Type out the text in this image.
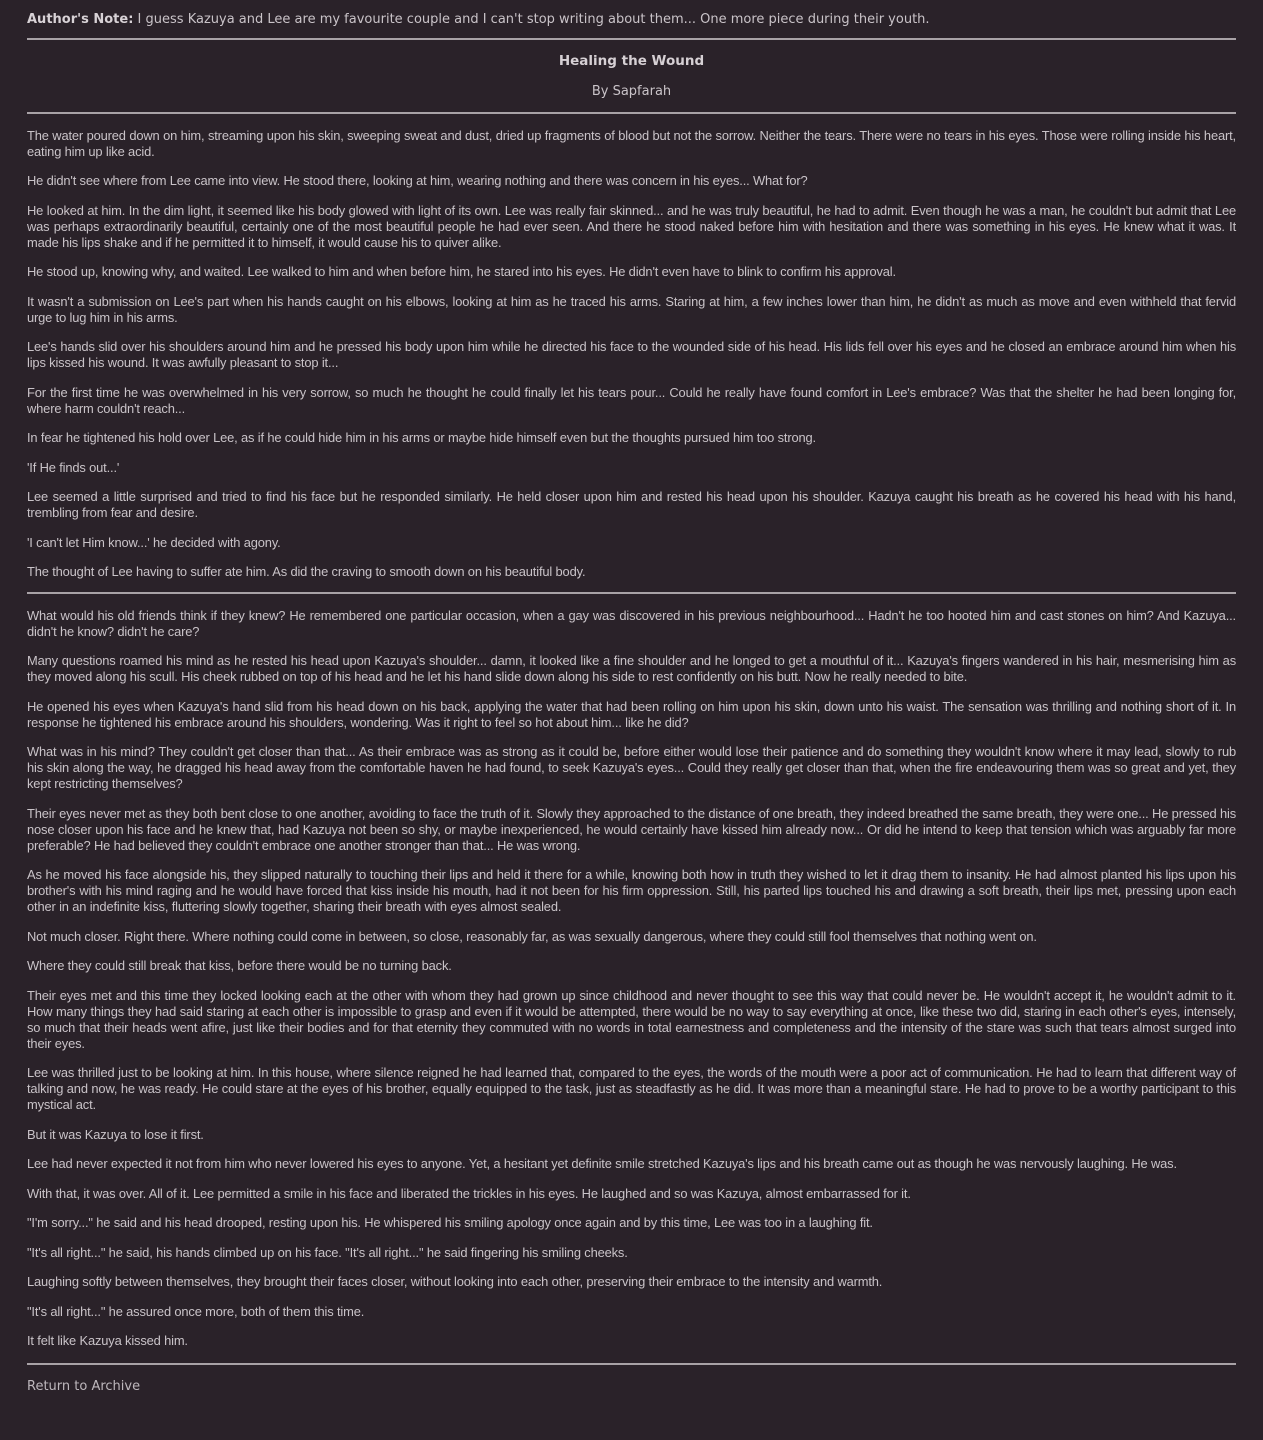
Author's Note: I guess Kazuya and Lee are my favourite couple and I can't stop writing about them... One more piece during their youth.
Healing the Wound
By Sapfarah

The water poured down on him, streaming upon his skin, sweeping sweat and dust, dried up fragments of blood but not the sorrow. Neither the tears. There were no tears in his eyes. Those were rolling inside his heart, eating him up like acid.

He didn't see where from Lee came into view. He stood there, looking at him, wearing nothing and there was concern in his eyes... What for?

He looked at him. In the dim light, it seemed like his body glowed with light of its own. Lee was really fair skinned... and he was truly beautiful, he had to admit. Even though he was a man, he couldn't but admit that Lee was perhaps extraordinarily beautiful, certainly one of the most beautiful people he had ever seen. And there he stood naked before him with hesitation and there was something in his eyes. He knew what it was. It made his lips shake and if he permitted it to himself, it would cause his to quiver alike.

He stood up, knowing why, and waited. Lee walked to him and when before him, he stared into his eyes. He didn't even have to blink to confirm his approval.

It wasn't a submission on Lee's part when his hands caught on his elbows, looking at him as he traced his arms. Staring at him, a few inches lower than him, he didn't as much as move and even withheld that fervid urge to lug him in his arms.

Lee's hands slid over his shoulders around him and he pressed his body upon him while he directed his face to the wounded side of his head. His lids fell over his eyes and he closed an embrace around him when his lips kissed his wound. It was awfully pleasant to stop it...

For the first time he was overwhelmed in his very sorrow, so much he thought he could finally let his tears pour... Could he really have found comfort in Lee's embrace? Was that the shelter he had been longing for, where harm couldn't reach...

In fear he tightened his hold over Lee, as if he could hide him in his arms or maybe hide himself even but the thoughts pursued him too strong.

'If He finds out...'

Lee seemed a little surprised and tried to find his face but he responded similarly. He held closer upon him and rested his head upon his shoulder. Kazuya caught his breath as he covered his head with his hand, trembling from fear and desire.

'I can't let Him know...' he decided with agony.

The thought of Lee having to suffer ate him. As did the craving to smooth down on his beautiful body.

What would his old friends think if they knew? He remembered one particular occasion, when a gay was discovered in his previous neighbourhood... Hadn't he too hooted him and cast stones on him? And Kazuya... didn't he know? didn't he care?

Many questions roamed his mind as he rested his head upon Kazuya's shoulder... damn, it looked like a fine shoulder and he longed to get a mouthful of it... Kazuya's fingers wandered in his hair, mesmerising him as they moved along his scull. His cheek rubbed on top of his head and he let his hand slide down along his side to rest confidently on his butt. Now he really needed to bite.

He opened his eyes when Kazuya's hand slid from his head down on his back, applying the water that had been rolling on him upon his skin, down unto his waist. The sensation was thrilling and nothing short of it. In response he tightened his embrace around his shoulders, wondering. Was it right to feel so hot about him... like he did?

What was in his mind? They couldn't get closer than that... As their embrace was as strong as it could be, before either would lose their patience and do something they wouldn't know where it may lead, slowly to rub his skin along the way, he dragged his head away from the comfortable haven he had found, to seek Kazuya's eyes... Could they really get closer than that, when the fire endeavouring them was so great and yet, they kept restricting themselves?

Their eyes never met as they both bent close to one another, avoiding to face the truth of it. Slowly they approached to the distance of one breath, they indeed breathed the same breath, they were one... He pressed his nose closer upon his face and he knew that, had Kazuya not been so shy, or maybe inexperienced, he would certainly have kissed him already now... Or did he intend to keep that tension which was arguably far more preferable? He had believed they couldn't embrace one another stronger than that... He was wrong.

As he moved his face alongside his, they slipped naturally to touching their lips and held it there for a while, knowing both how in truth they wished to let it drag them to insanity. He had almost planted his lips upon his brother's with his mind raging and he would have forced that kiss inside his mouth, had it not been for his firm oppression. Still, his parted lips touched his and drawing a soft breath, their lips met, pressing upon each other in an indefinite kiss, fluttering slowly together, sharing their breath with eyes almost sealed.

Not much closer. Right there. Where nothing could come in between, so close, reasonably far, as was sexually dangerous, where they could still fool themselves that nothing went on.

Where they could still break that kiss, before there would be no turning back.

Their eyes met and this time they locked looking each at the other with whom they had grown up since childhood and never thought to see this way that could never be. He wouldn't accept it, he wouldn't admit to it. How many things they had said staring at each other is impossible to grasp and even if it would be attempted, there would be no way to say everything at once, like these two did, staring in each other's eyes, intensely, so much that their heads went afire, just like their bodies and for that eternity they commuted with no words in total earnestness and completeness and the intensity of the stare was such that tears almost surged into their eyes.

Lee was thrilled just to be looking at him. In this house, where silence reigned he had learned that, compared to the eyes, the words of the mouth were a poor act of communication. He had to learn that different way of talking and now, he was ready. He could stare at the eyes of his brother, equally equipped to the task, just as steadfastly as he did. It was more than a meaningful stare. He had to prove to be a worthy participant to this mystical act.

But it was Kazuya to lose it first.

Lee had never expected it not from him who never lowered his eyes to anyone. Yet, a hesitant yet definite smile stretched Kazuya's lips and his breath came out as though he was nervously laughing. He was.

With that, it was over. All of it. Lee permitted a smile in his face and liberated the trickles in his eyes. He laughed and so was Kazuya, almost embarrassed for it.

"I'm sorry..." he said and his head drooped, resting upon his. He whispered his smiling apology once again and by this time, Lee was too in a laughing fit.

"It's all right..." he said, his hands climbed up on his face. "It's all right..." he said fingering his smiling cheeks.

Laughing softly between themselves, they brought their faces closer, without looking into each other, preserving their embrace to the intensity and warmth.

"It's all right..." he assured once more, both of them this time.

It felt like Kazuya kissed him.

Return to Archive
